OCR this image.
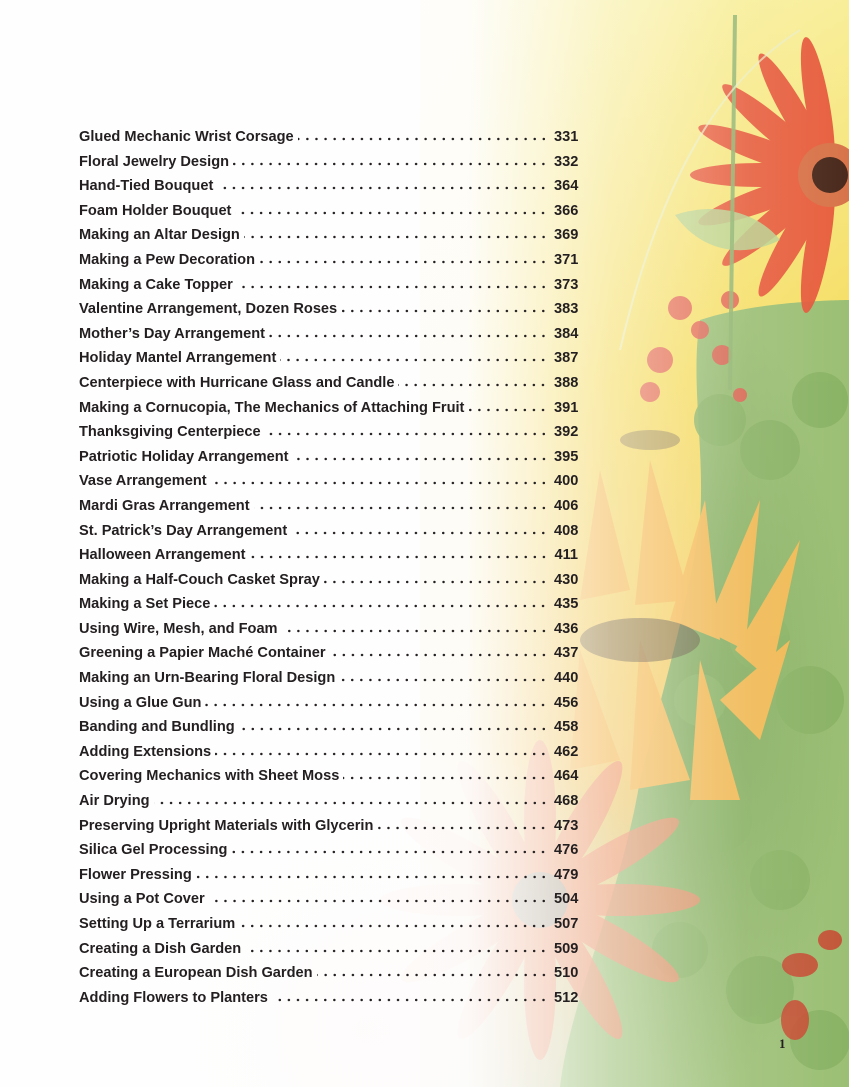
Glued Mechanic Wrist Corsage	331
Floral Jewelry Design	332
Hand-Tied Bouquet	364
Foam Holder Bouquet	366
Making an Altar Design	369
Making a Pew Decoration	371
Making a Cake Topper	373
Valentine Arrangement, Dozen Roses	383
Mother’s Day Arrangement	384
Holiday Mantel Arrangement	387
Centerpiece with Hurricane Glass and Candle	388
Making a Cornucopia, The Mechanics of Attaching Fruit	391
Thanksgiving Centerpiece	392
Patriotic Holiday Arrangement	395
Vase Arrangement	400
Mardi Gras Arrangement	406
St. Patrick’s Day Arrangement	408
Halloween Arrangement	411
Making a Half-Couch Casket Spray	430
Making a Set Piece	435
Using Wire, Mesh, and Foam	436
Greening a Papier Maché Container	437
Making an Urn-Bearing Floral Design	440
Using a Glue Gun	456
Banding and Bundling	458
Adding Extensions	462
Covering Mechanics with Sheet Moss	464
Air Drying	468
Preserving Upright Materials with Glycerin	473
Silica Gel Processing	476
Flower Pressing	479
Using a Pot Cover	504
Setting Up a Terrarium	507
Creating a Dish Garden	509
Creating a European Dish Garden	510
Adding Flowers to Planters	512
1
